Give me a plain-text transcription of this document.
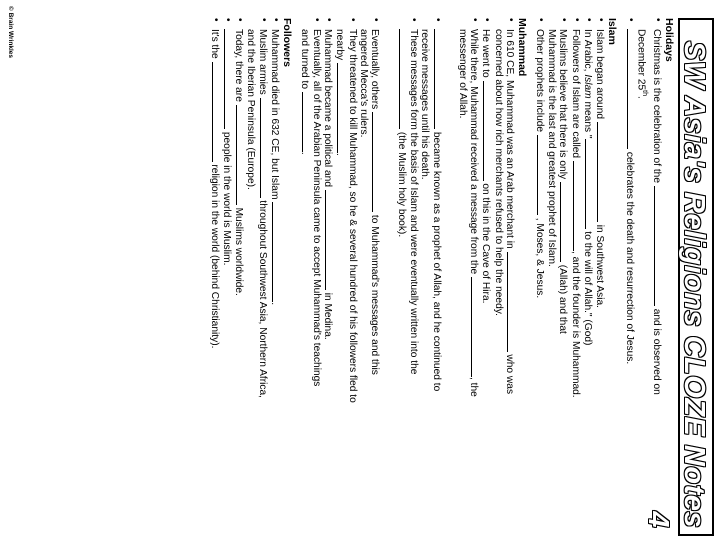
SW Asia's Religions CLOZE Notes 4
Holidays
• Christmas is the celebration of the  and is observed on
December 25th.
• celebrates the death and resurrection of Jesus.
Islam
• Islam began around  in Southwest Asia.
• In Arabic, Islam means " to the will of Allah." (God)
• Followers of Islam are called , and the founder is Muhammad.
• Muslims believe that there is only  (Allah) and that
Muhammad is the last and greatest prophet of Islam.
• Other prophets include  , Moses, & Jesus.
Muhammad
• In 610 CE, Muhammad was an Arab merchant in  who was
concerned about how rich merchants refused to help the needy.
• He went to  on this in the Cave of Hira.
• While there, Muhammad received a message from the , the
messenger of Allah.
• became known as a prophet of Allah, and he continued to
receive messages until his death.
• These messages form the basis of Islam and were eventually written into the
(the Muslim holy book).
• Eventually, others  to Muhammad's messages and this
angered Mecca's rulers.
• They threatened to kill Muhammad, so he & several hundred of his followers fled to
nearby .
• Muhammad became a political and  in Medina.
• Eventually, all of the Arabian Peninsula came to accept Muhammad's teachings
and turned to .
Followers
• Muhammad died in 632 CE, but Islam .
• Muslim armies  throughout Southwest Asia, Northern Africa,
and the Iberian Peninsula (Europe).
• Today, there are  Muslims worldwide.
• people in the world is Muslim.
• It's the  religion in the world (behind Christianity).
© Brain Wrinkles
